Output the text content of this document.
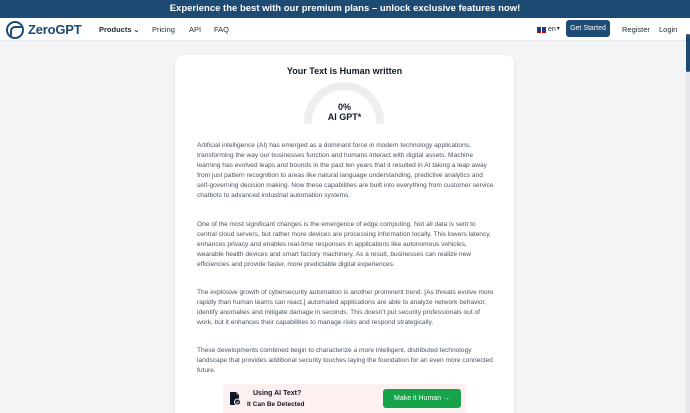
Experience the best with our premium plans – unlock exclusive features now!
ZeroGPT Products ⌄ Pricing API FAQ	en ▾	Get Started	Register Login
Your Text is Human written
0%
AI GPT*

Artificial intelligence (AI) has emerged as a dominant force in modern technology applications, transforming the way our businesses function and humans interact with digital assets. Machine learning has evolved leaps and bounds in the past ten years that it resulted in AI taking a leap away from just pattern recognition to areas like natural language understanding, predictive analytics and self-governing decision making. Now these capabilities are built into everything from customer service chatbots to advanced industrial automation systems.

One of the most significant changes is the emergence of edge computing. Not all data is sent to central cloud servers, but rather more devices are processing information locally. This lowers latency, enhances privacy and enables real-time responses in applications like autonomous vehicles, wearable health devices and smart factory machinery. As a result, businesses can realize new efficiencies and provide faster, more predictable digital experiences.

The explosive growth of cybersecurity automation is another prominent trend. [As threats evolve more rapidly than human teams can react,] automated applications are able to analyze network behavior, identify anomalies and mitigate damage in seconds. This doesn't put security professionals out of work, but it enhances their capabilities to manage risks and respond strategically.

These developments combined begin to characterize a more intelligent, distributed technology landscape that provides additional security touches laying the foundation for an even more connected future.

Using AI Text?
It Can Be Detected
Make it Human →
